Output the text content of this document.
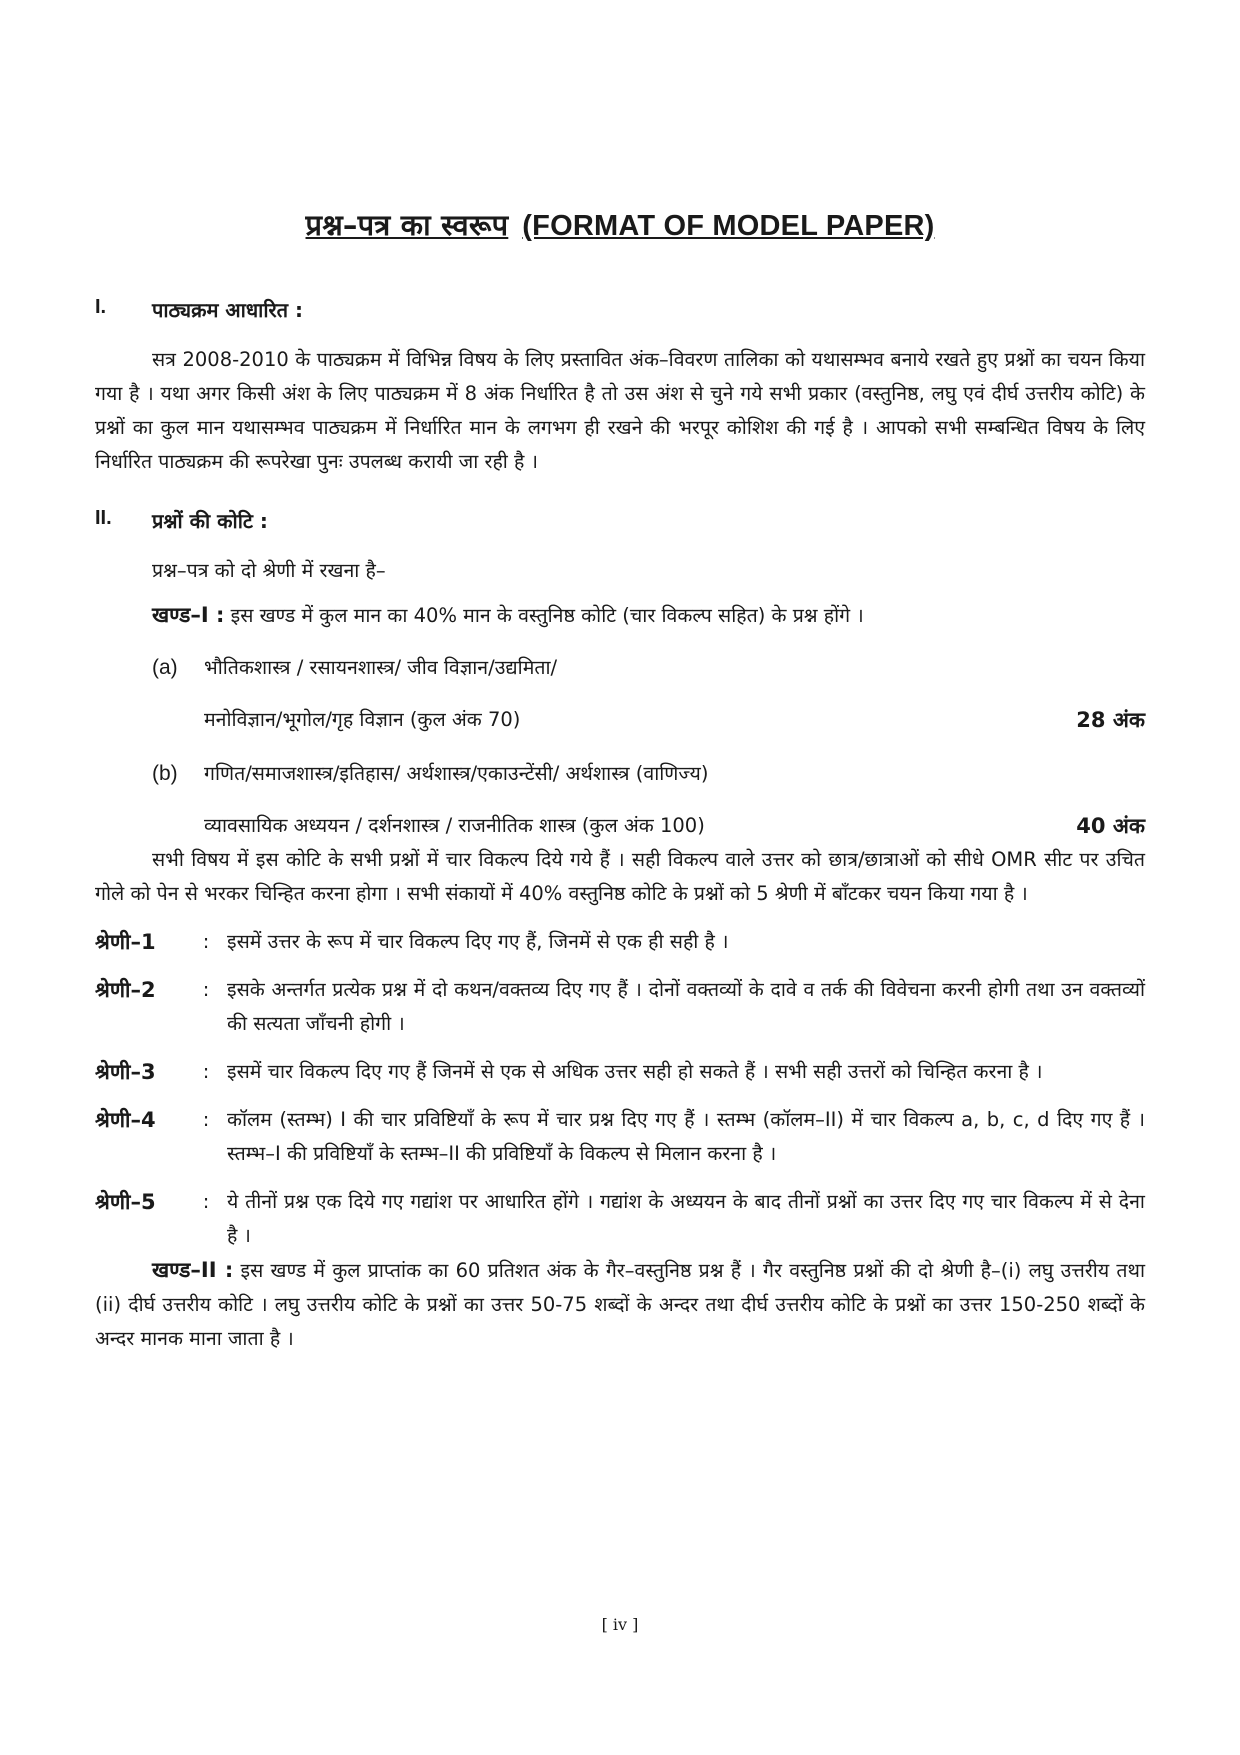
प्रश्न–पत्र का स्वरूप (FORMAT OF MODEL PAPER)
I.	पाठ्यक्रम आधारित :

सत्र 2008-2010 के पाठ्यक्रम में विभिन्न विषय के लिए प्रस्तावित अंक–विवरण तालिका को यथासम्भव बनाये रखते हुए प्रश्नों का चयन किया गया है । यथा अगर किसी अंश के लिए पाठ्यक्रम में 8 अंक निर्धारित है तो उस अंश से चुने गये सभी प्रकार (वस्तुनिष्ठ, लघु एवं दीर्घ उत्तरीय कोटि) के प्रश्नों का कुल मान यथासम्भव पाठ्यक्रम में निर्धारित मान के लगभग ही रखने की भरपूर कोशिश की गई है । आपको सभी सम्बन्धित विषय के लिए निर्धारित पाठ्यक्रम की रूपरेखा पुनः उपलब्ध करायी जा रही है ।

II.	प्रश्नों की कोटि :

प्रश्न–पत्र को दो श्रेणी में रखना है–

खण्ड–I : इस खण्ड में कुल मान का 40% मान के वस्तुनिष्ठ कोटि (चार विकल्प सहित) के प्रश्न होंगे ।

(a)	भौतिकशास्त्र / रसायनशास्त्र/ जीव विज्ञान/उद्यमिता/
मनोविज्ञान/भूगोल/गृह विज्ञान (कुल अंक 70)	28 अंक
(b)	गणित/समाजशास्त्र/इतिहास/ अर्थशास्त्र/एकाउन्टेंसी/ अर्थशास्त्र (वाणिज्य)
व्यावसायिक अध्ययन / दर्शनशास्त्र / राजनीतिक शास्त्र (कुल अंक 100)	40 अंक

सभी विषय में इस कोटि के सभी प्रश्नों में चार विकल्प दिये गये हैं । सही विकल्प वाले उत्तर को छात्र/छात्राओं को सीधे OMR सीट पर उचित गोले को पेन से भरकर चिन्हित करना होगा । सभी संकायों में 40% वस्तुनिष्ठ कोटि के प्रश्नों को 5 श्रेणी में बाँटकर चयन किया गया है ।

श्रेणी–1	: इसमें उत्तर के रूप में चार विकल्प दिए गए हैं, जिनमें से एक ही सही है ।
श्रेणी–2	: इसके अन्तर्गत प्रत्येक प्रश्न में दो कथन/वक्तव्य दिए गए हैं । दोनों वक्तव्यों के दावे व तर्क की विवेचना करनी होगी तथा उन वक्तव्यों की सत्यता जाँचनी होगी ।
श्रेणी–3	: इसमें चार विकल्प दिए गए हैं जिनमें से एक से अधिक उत्तर सही हो सकते हैं । सभी सही उत्तरों को चिन्हित करना है ।
श्रेणी–4	: कॉलम (स्तम्भ) I की चार प्रविष्टियाँ के रूप में चार प्रश्न दिए गए हैं । स्तम्भ (कॉलम–II) में चार विकल्प a, b, c, d दिए गए हैं । स्तम्भ–I की प्रविष्टियाँ के स्तम्भ–II की प्रविष्टियाँ के विकल्प से मिलान करना है ।
श्रेणी–5	: ये तीनों प्रश्न एक दिये गए गद्यांश पर आधारित होंगे । गद्यांश के अध्ययन के बाद तीनों प्रश्नों का उत्तर दिए गए चार विकल्प में से देना है ।

खण्ड–II : इस खण्ड में कुल प्राप्तांक का 60 प्रतिशत अंक के गैर–वस्तुनिष्ठ प्रश्न हैं । गैर वस्तुनिष्ठ प्रश्नों की दो श्रेणी है–(i) लघु उत्तरीय तथा (ii) दीर्घ उत्तरीय कोटि । लघु उत्तरीय कोटि के प्रश्नों का उत्तर 50-75 शब्दों के अन्दर तथा दीर्घ उत्तरीय कोटि के प्रश्नों का उत्तर 150-250 शब्दों के अन्दर मानक माना जाता है ।

[ iv ]
